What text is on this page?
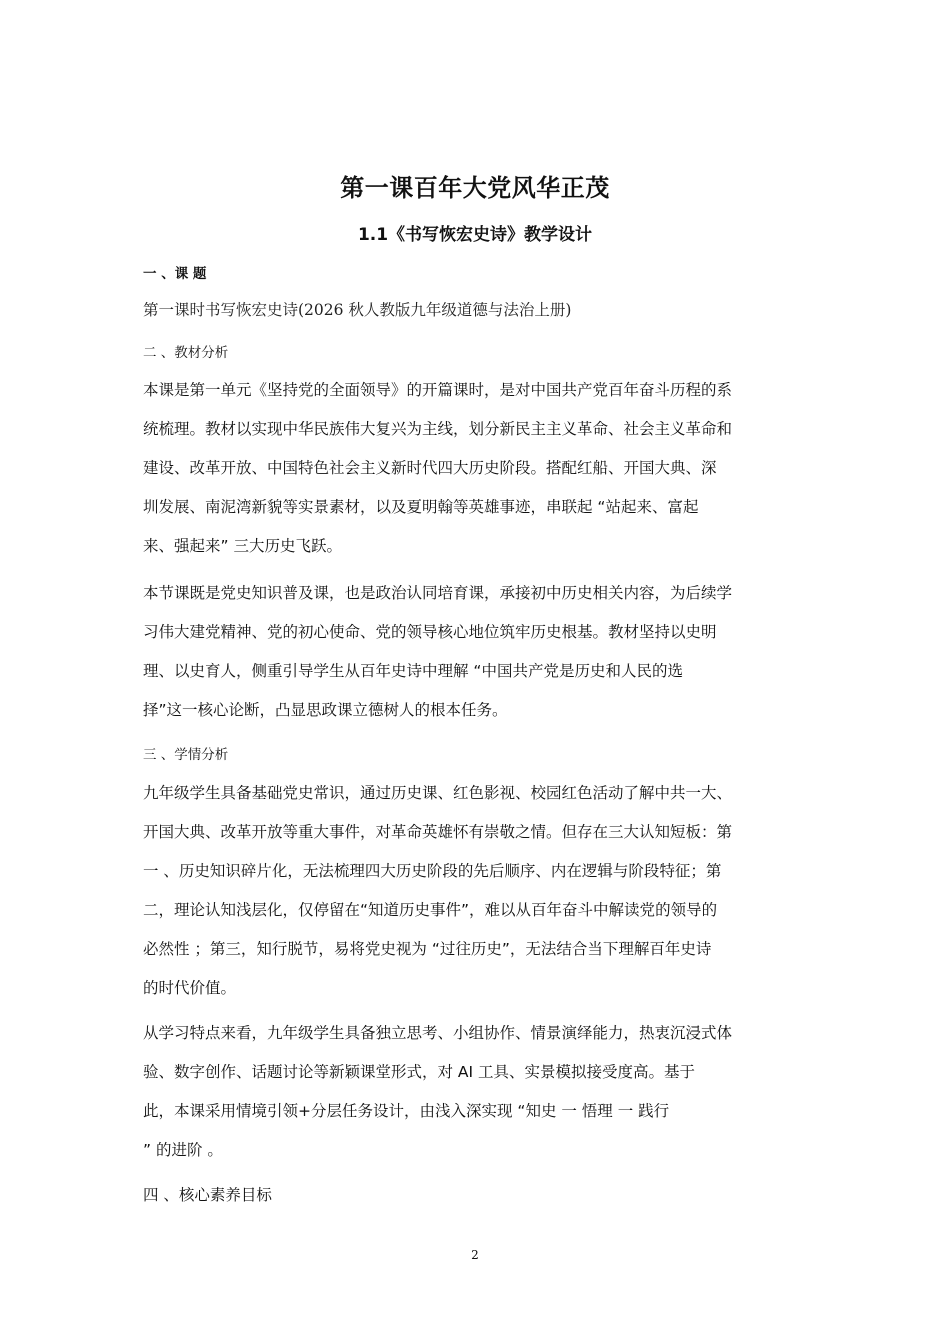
第一课百年大党风华正茂
1.1《书写恢宏史诗》教学设计
一 、课 题
第一课时书写恢宏史诗(2026 秋人教版九年级道德与法治上册)
二 、教材分析
本课是第一单元《坚持党的全面领导》的开篇课时，是对中国共产党百年奋斗历程的系
统梳理。教材以实现中华民族伟大复兴为主线，划分新民主主义革命、社会主义革命和
建设、改革开放、中国特色社会主义新时代四大历史阶段。搭配红船、开国大典、深
圳发展、南泥湾新貌等实景素材，以及夏明翰等英雄事迹，串联起 “站起来、富起
来、强起来” 三大历史飞跃。
本节课既是党史知识普及课，也是政治认同培育课，承接初中历史相关内容，为后续学
习伟大建党精神、党的初心使命、党的领导核心地位筑牢历史根基。教材坚持以史明
理、以史育人，侧重引导学生从百年史诗中理解 “中国共产党是历史和人民的选
择”这一核心论断，凸显思政课立德树人的根本任务。
三 、学情分析
九年级学生具备基础党史常识，通过历史课、红色影视、校园红色活动了解中共一大、
开国大典、改革开放等重大事件，对革命英雄怀有崇敬之情。但存在三大认知短板：第
一 、历史知识碎片化，无法梳理四大历史阶段的先后顺序、内在逻辑与阶段特征；第
二，理论认知浅层化，仅停留在“知道历史事件”，难以从百年奋斗中解读党的领导的
必然性 ；第三，知行脱节，易将党史视为 “过往历史”，无法结合当下理解百年史诗
的时代价值。
从学习特点来看，九年级学生具备独立思考、小组协作、情景演绎能力，热衷沉浸式体
验、数字创作、话题讨论等新颖课堂形式，对 AI 工具、实景模拟接受度高。基于
此，本课采用情境引领+分层任务设计，由浅入深实现 “知史 一 悟理 一 践行
” 的进阶 。
四 、核心素养目标
2
